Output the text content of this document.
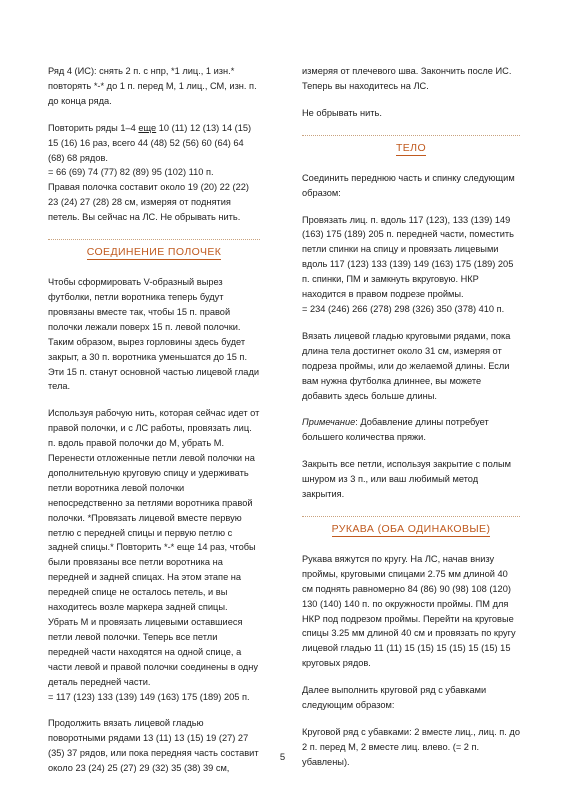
Ряд 4 (ИС): снять 2 п. с нпр, *1 лиц., 1 изн.* повторять *-* до 1 п. перед М, 1 лиц., СМ, изн. п. до конца ряда.

Повторить ряды 1–4 еще 10 (11) 12 (13) 14 (15) 15 (16) 16 раз, всего 44 (48) 52 (56) 60 (64) 64 (68) 68 рядов.
= 66 (69) 74 (77) 82 (89) 95 (102) 110 п.
Правая полочка составит около 19 (20) 22 (22) 23 (24) 27 (28) 28 см, измеряя от поднятия петель. Вы сейчас на ЛС. Не обрывать нить.

СОЕДИНЕНИЕ ПОЛОЧЕК

Чтобы сформировать V-образный вырез футболки, петли воротника теперь будут провязаны вместе так, чтобы 15 п. правой полочки лежали поверх 15 п. левой полочки. Таким образом, вырез горловины здесь будет закрыт, а 30 п. воротника уменьшатся до 15 п. Эти 15 п. станут основной частью лицевой глади тела.

Используя рабочую нить, которая сейчас идет от правой полочки, и с ЛС работы, провязать лиц. п. вдоль правой полочки до М, убрать М. Перенести отложенные петли левой полочки на дополнительную круговую спицу и удерживать петли воротника левой полочки непосредственно за петлями воротника правой полочки. *Провязать лицевой вместе первую петлю с передней спицы и первую петлю с задней спицы.* Повторить *-* еще 14 раз, чтобы были провязаны все петли воротника на передней и задней спицах. На этом этапе на передней спице не осталось петель, и вы находитесь возле маркера задней спицы. Убрать М и провязать лицевыми оставшиеся петли левой полочки. Теперь все петли передней части находятся на одной спице, а части левой и правой полочки соединены в одну деталь передней части.
= 117 (123) 133 (139) 149 (163) 175 (189) 205 п.

Продолжить вязать лицевой гладью поворотными рядами 13 (11) 13 (15) 19 (27) 27 (35) 37 рядов, или пока передняя часть составит около 23 (24) 25 (27) 29 (32) 35 (38) 39 см,

измеряя от плечевого шва. Закончить после ИС. Теперь вы находитесь на ЛС.

Не обрывать нить.

ТЕЛО

Соединить переднюю часть и спинку следующим образом:

Провязать лиц. п. вдоль 117 (123), 133 (139) 149 (163) 175 (189) 205 п. передней части, поместить петли спинки на спицу и провязать лицевыми вдоль 117 (123) 133 (139) 149 (163) 175 (189) 205 п. спинки, ПМ и замкнуть вкруговую. НКР находится в правом подрезе проймы.
= 234 (246) 266 (278) 298 (326) 350 (378) 410 п.

Вязать лицевой гладью круговыми рядами, пока длина тела достигнет около 31 см, измеряя от подреза проймы, или до желаемой длины. Если вам нужна футболка длиннее, вы можете добавить здесь больше длины.

Примечание: Добавление длины потребует большего количества пряжи.

Закрыть все петли, используя закрытие с полым шнуром из 3 п., или ваш любимый метод закрытия.

РУКАВА (ОБА ОДИНАКОВЫЕ)

Рукава вяжутся по кругу. На ЛС, начав внизу проймы, круговыми спицами 2.75 мм длиной 40 см поднять равномерно 84 (86) 90 (98) 108 (120) 130 (140) 140 п. по окружности проймы. ПМ для НКР под подрезом проймы. Перейти на круговые спицы 3.25 мм длиной 40 см и провязать по кругу лицевой гладью 11 (11) 15 (15) 15 (15) 15 (15) 15 круговых рядов.

Далее выполнить круговой ряд с убавками следующим образом:

Круговой ряд с убавками: 2 вместе лиц., лиц. п. до 2 п. перед М, 2 вместе лиц. влево. (= 2 п. убавлены).

5
